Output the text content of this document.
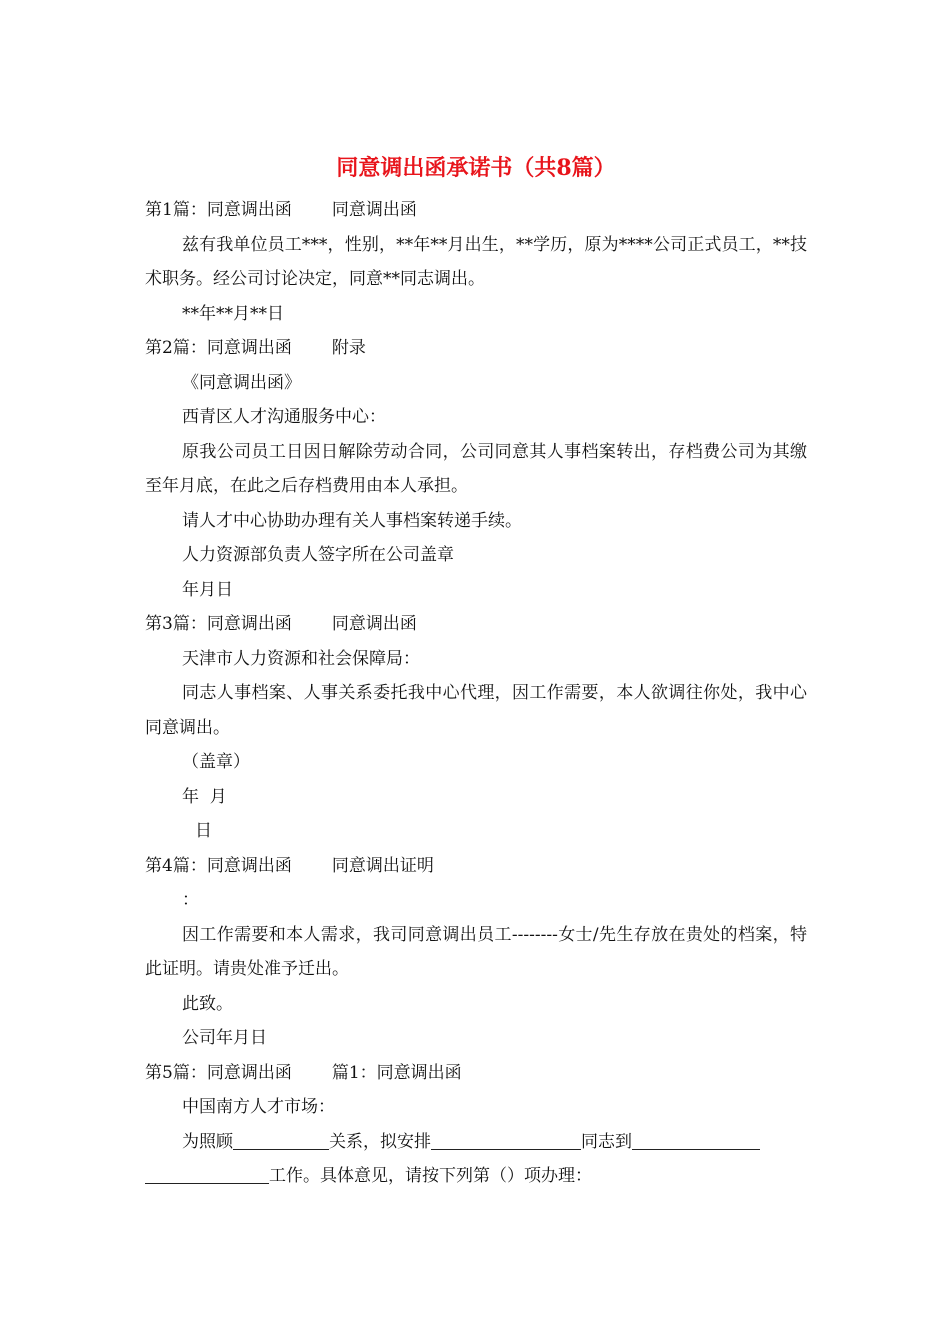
同意调出函承诺书（共8篇）
第1篇：同意调出函 同意调出函
兹有我单位员工***，性别，**年**月出生，**学历，原为****公司正式员工，**技术职务。经公司讨论决定，同意**同志调出。
**年**月**日
第2篇：同意调出函 附录
《同意调出函》
西青区人才沟通服务中心：
原我公司员工日因日解除劳动合同，公司同意其人事档案转出，存档费公司为其缴至年月底，在此之后存档费用由本人承担。
请人才中心协助办理有关人事档案转递手续。
人力资源部负责人签字所在公司盖章
年月日
第3篇：同意调出函 同意调出函
天津市人力资源和社会保障局：
同志人事档案、人事关系委托我中心代理，因工作需要，本人欲调往你处，我中心同意调出。
（盖章）
年  月
日
第4篇：同意调出函 同意调出证明
：
因工作需要和本人需求，我司同意调出员工--------女士/先生存放在贵处的档案，特此证明。请贵处准予迁出。
此致。
公司年月日
第5篇：同意调出函 篇1：同意调出函
中国南方人才市场：
为照顾	关系，拟安排	同志到
工作。具体意见，请按下列第（）项办理：
